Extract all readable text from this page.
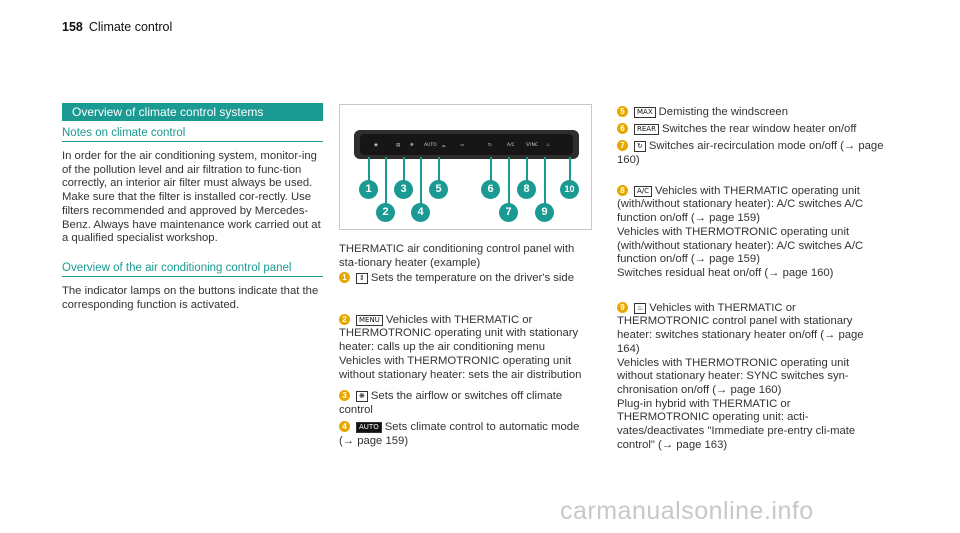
158 Climate control
Overview of climate control systems
Notes on climate control
In order for the air conditioning system, monitor-ing of the pollution level and air filtration to func-tion correctly, an interior air filter must always be used. Make sure that the filter is installed cor-rectly. Use filters recommended and approved by Mercedes-Benz. Always have maintenance work carried out at a qualified specialist workshop.
Overview of the air conditioning control panel
The indicator lamps on the buttons indicate that the corresponding function is activated.
◉	▤ ❋ AUTO ⌓	▭	↻	A/C	SYNC ♨
1
2
3
4
5	6
7
8
9
10
THERMATIC air conditioning control panel with sta-tionary heater (example)
1 ⇕ Sets the temperature on the driver's side

2 MENU Vehicles with THERMATIC or THERMOTRONIC operating unit with stationary heater: calls up the air conditioning menu
Vehicles with THERMOTRONIC operating unit without stationary heater: sets the air distribution

3 ❋ Sets the airflow or switches off climate control
4 AUTO Sets climate control to automatic mode (→ page 159)
5 MAX Demisting the windscreen
6 REAR Switches the rear window heater on/off
7 ↻ Switches air-recirculation mode on/off (→ page 160)

8 A/C Vehicles with THERMATIC operating unit (with/without stationary heater): A/C switches A/C function on/off (→ page 159)
Vehicles with THERMOTRONIC operating unit (with/without stationary heater): A/C switches A/C function on/off (→ page 159)
Switches residual heat on/off (→ page 160)

9 ♨ Vehicles with THERMATIC or THERMOTRONIC control panel with stationary heater: switches stationary heater on/off (→ page 164)
Vehicles with THERMOTRONIC operating unit without stationary heater: SYNC switches syn-chronisation on/off (→ page 160)
Plug-in hybrid with THERMATIC or THERMOTRONIC operating unit: acti-vates/deactivates "Immediate pre-entry cli-mate control" (→ page 163)

carmanualsonline.info
